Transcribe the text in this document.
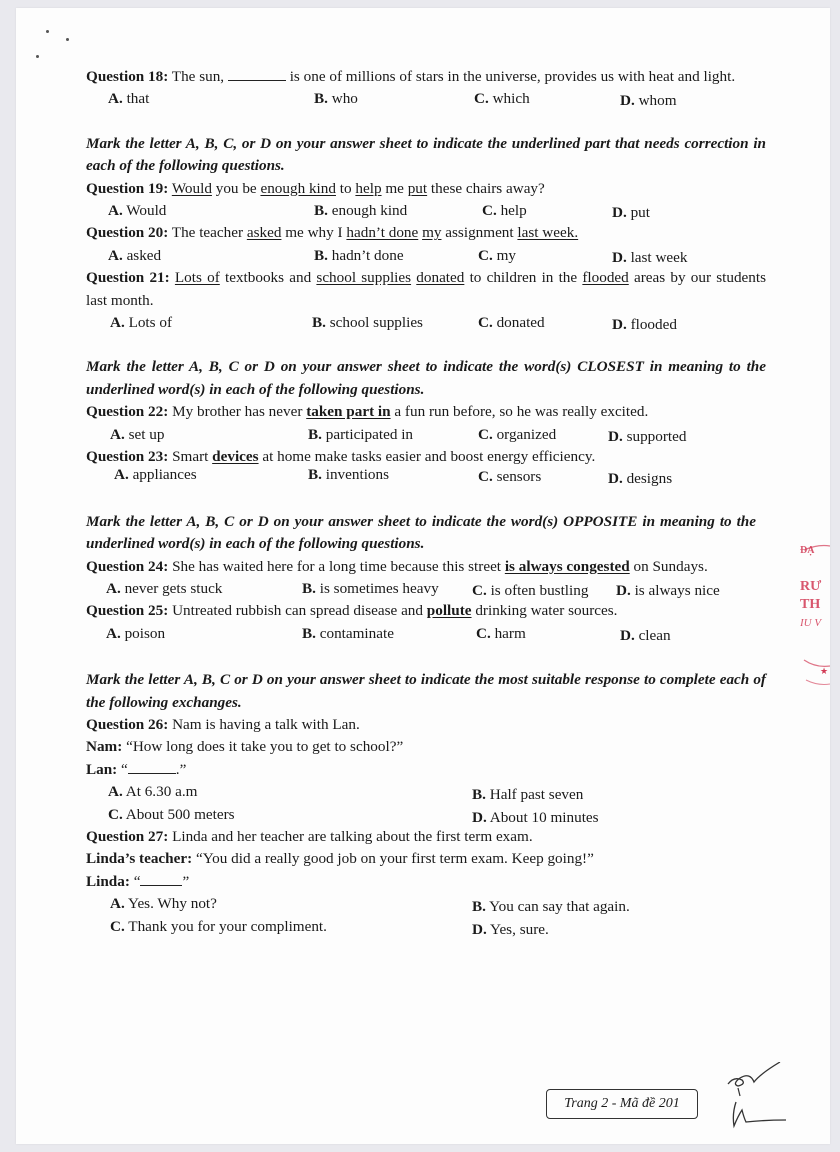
Question 18: The sun,	is one of millions of stars in the universe, provides us with heat and light.

A. that	B. who	C. which	D. whom

Mark the letter A, B, C, or D on your answer sheet to indicate the underlined part that needs correction in each of the following questions.

Question 19: Would you be enough kind to help me put these chairs away?

A. Would	B. enough kind	C. help	D. put

Question 20: The teacher asked me why I hadn’t done my assignment last week.

A. asked	B. hadn’t done	C. my	D. last week

Question 21: Lots of textbooks and school supplies donated to children in the flooded areas by our students last month.

A. Lots of	B. school supplies	C. donated	D. flooded

Mark the letter A, B, C or D on your answer sheet to indicate the word(s) CLOSEST in meaning to the underlined word(s) in each of the following questions.

Question 22: My brother has never taken part in a fun run before, so he was really excited.

A. set up	B. participated in	C. organized	D. supported

Question 23: Smart devices at home make tasks easier and boost energy efficiency.

A. appliances	B. inventions	C. sensors	D. designs

Mark the letter A, B, C or D on your answer sheet to indicate the word(s) OPPOSITE in meaning to the underlined word(s) in each of the following questions.

Question 24: She has waited here for a long time because this street is always congested on Sundays.

A. never gets stuck	B. is sometimes heavy C. is often bustling D. is always nice

Question 25: Untreated rubbish can spread disease and pollute drinking water sources.

A. poison	B. contaminate	C. harm	D. clean

Mark the letter A, B, C or D on your answer sheet to indicate the most suitable response to complete each of the following exchanges.

Question 26: Nam is having a talk with Lan.

Nam: “How long does it take you to get to school?”

Lan: “	.”

A. At 6.30 a.m	B. Half past seven
C. About 500 meters	D. About 10 minutes

Question 27: Linda and her teacher are talking about the first term exam.

Linda’s teacher: “You did a really good job on your first term exam. Keep going!”

Linda: “	”

A. Yes. Why not?	B. You can say that again.
C. Thank you for your compliment.	D. Yes, sure.
★
ĐẠ
RƯ
TH
IU V
Trang 2 - Mã đề 201
